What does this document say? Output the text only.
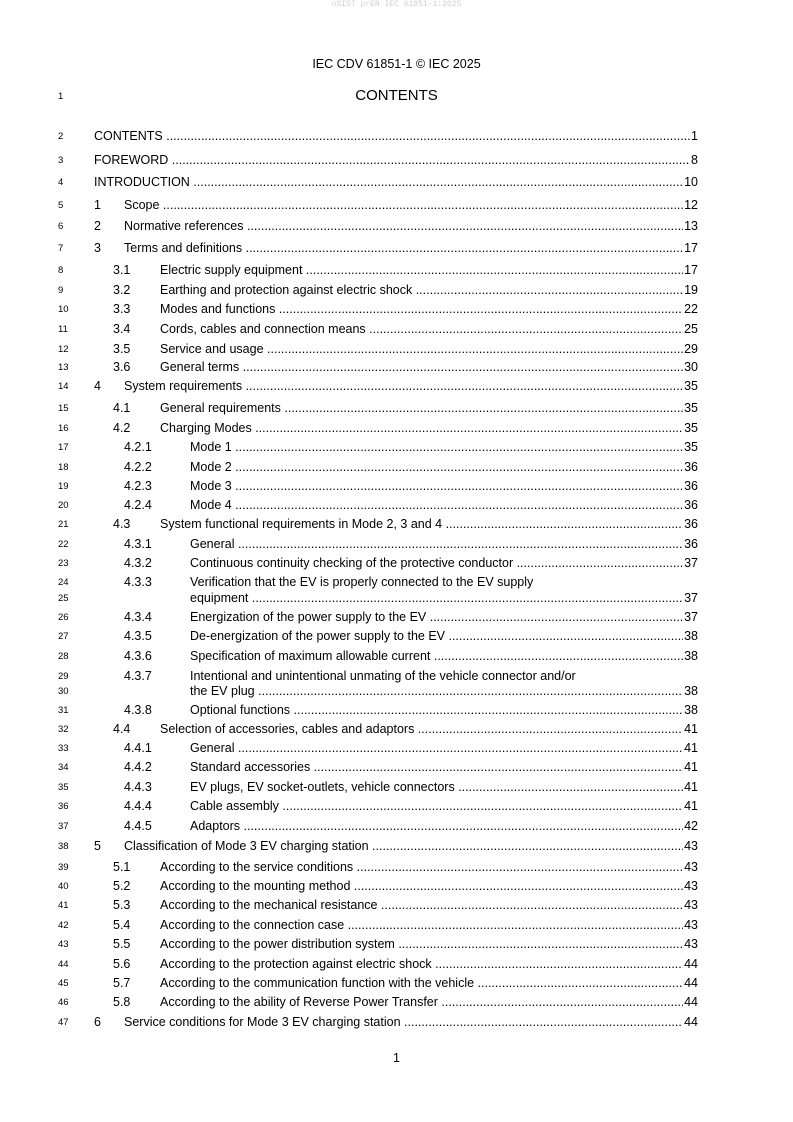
oSIST prEN IEC 61851-1:2025
IEC CDV 61851-1 © IEC 2025
1	CONTENTS
2	CONTENTS .....	1
3	FOREWORD .....	8
4	INTRODUCTION .....	10
5	1 Scope .....	12
6	2 Normative references .....	13
7	3 Terms and definitions .....	17
8	3.1 Electric supply equipment .....	17
9	3.2 Earthing and protection against electric shock .....	19
10	3.3 Modes and functions .....	22
11	3.4 Cords, cables and connection means .....	25
12	3.5 Service and usage .....	29
13	3.6 General terms .....	30
14	4 System requirements .....	35
15	4.1 General requirements .....	35
16	4.2 Charging Modes .....	35
17	4.2.1	Mode 1 .....	35
18	4.2.2	Mode 2 .....	36
19	4.2.3	Mode 3 .....	36
20	4.2.4	Mode 4 .....	36
21	4.3 System functional requirements in Mode 2, 3 and 4 .....	36
22	4.3.1	General .....	36
23	4.3.2	Continuous continuity checking of the protective conductor .....	37
24	4.3.3	Verification that the EV is properly connected to the EV supply
25	equipment .....	37
26	4.3.4	Energization of the power supply to the EV .....	37
27	4.3.5	De-energization of the power supply to the EV .....	38
28	4.3.6	Specification of maximum allowable current .....	38
29	4.3.7	Intentional and unintentional unmating of the vehicle connector and/or
30	the EV plug .....	38
31	4.3.8	Optional functions .....	38
32	4.4 Selection of accessories, cables and adaptors .....	41
33	4.4.1	General .....	41
34	4.4.2	Standard accessories .....	41
35	4.4.3	EV plugs, EV socket-outlets, vehicle connectors .....	41
36	4.4.4	Cable assembly .....	41
37	4.4.5	Adaptors .....	42
38	5 Classification of Mode 3 EV charging station .....	43
39	5.1 According to the service conditions .....	43
40	5.2 According to the mounting method .....	43
41	5.3 According to the mechanical resistance .....	43
42	5.4 According to the connection case .....	43
43	5.5 According to the power distribution system .....	43
44	5.6 According to the protection against electric shock .....	44
45	5.7 According to the communication function with the vehicle .....	44
46	5.8 According to the ability of Reverse Power Transfer .....	44
47	6 Service conditions for Mode 3 EV charging station .....	44
1
